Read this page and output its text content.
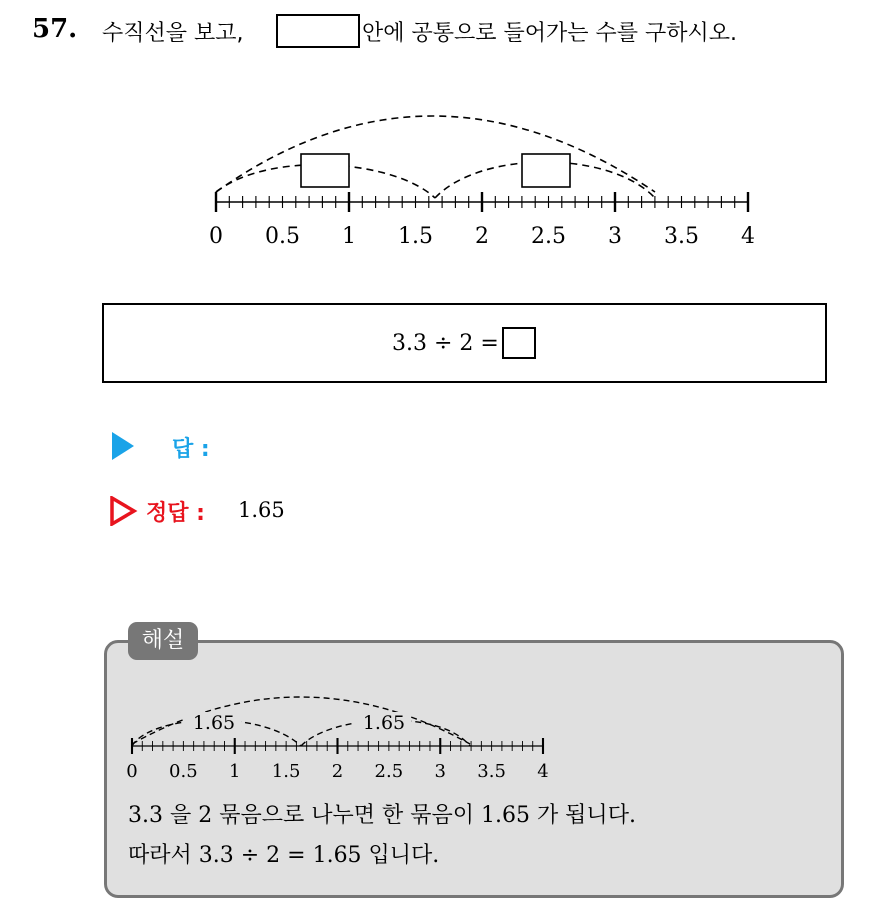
57. 수직선을 보고,	안에 공통으로 들어가는 수를 구하시오.
0 0.5 1 1.5 2 2.5 3 3.5 4
3.3 ÷ 2 =
답 :
정답 : 1.65
해설
1.65	1.65
0 0.5 1 1.5 2 2.5 3 3.5 4
3.3 을 2 묶음으로 나누면 한 묶음이 1.65 가 됩니다.
따라서 3.3 ÷ 2 = 1.65 입니다.
